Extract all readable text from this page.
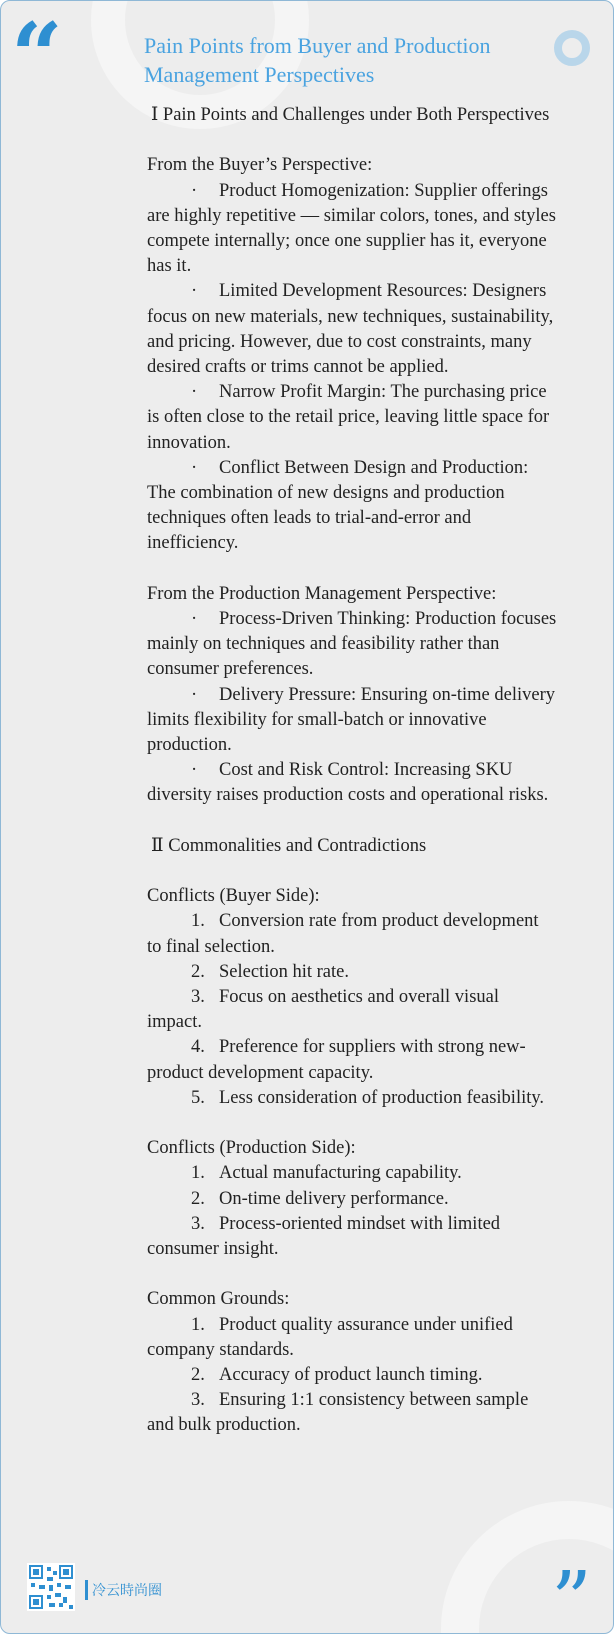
“	Pain Points from Buyer and Production Management Perspectives

Ⅰ Pain Points and Challenges under Both Perspectives

From the Buyer’s Perspective:

· Product Homogenization: Supplier offerings are highly repetitive — similar colors, tones, and styles compete internally; once one supplier has it, everyone has it.

· Limited Development Resources: Designers focus on new materials, new techniques, sustainability, and pricing. However, due to cost constraints, many desired crafts or trims cannot be applied.

· Narrow Profit Margin: The purchasing price is often close to the retail price, leaving little space for innovation.

· Conflict Between Design and Production: The combination of new designs and production techniques often leads to trial-and-error and inefficiency.

From the Production Management Perspective:

· Process-Driven Thinking: Production focuses mainly on techniques and feasibility rather than consumer preferences.

· Delivery Pressure: Ensuring on-time delivery limits flexibility for small-batch or innovative production.

· Cost and Risk Control: Increasing SKU diversity raises production costs and operational risks.

Ⅱ Commonalities and Contradictions

Conflicts (Buyer Side):

1. Conversion rate from product development to final selection.

2. Selection hit rate.

3. Focus on aesthetics and overall visual impact.

4. Preference for suppliers with strong new-product development capacity.

5. Less consideration of production feasibility.

Conflicts (Production Side):

1. Actual manufacturing capability.

2. On-time delivery performance.

3. Process-oriented mindset with limited consumer insight.

Common Grounds:

1. Product quality assurance under unified company standards.

2. Accuracy of product launch timing.

3. Ensuring 1:1 consistency between sample and bulk production.

冷云時尚圈	”
